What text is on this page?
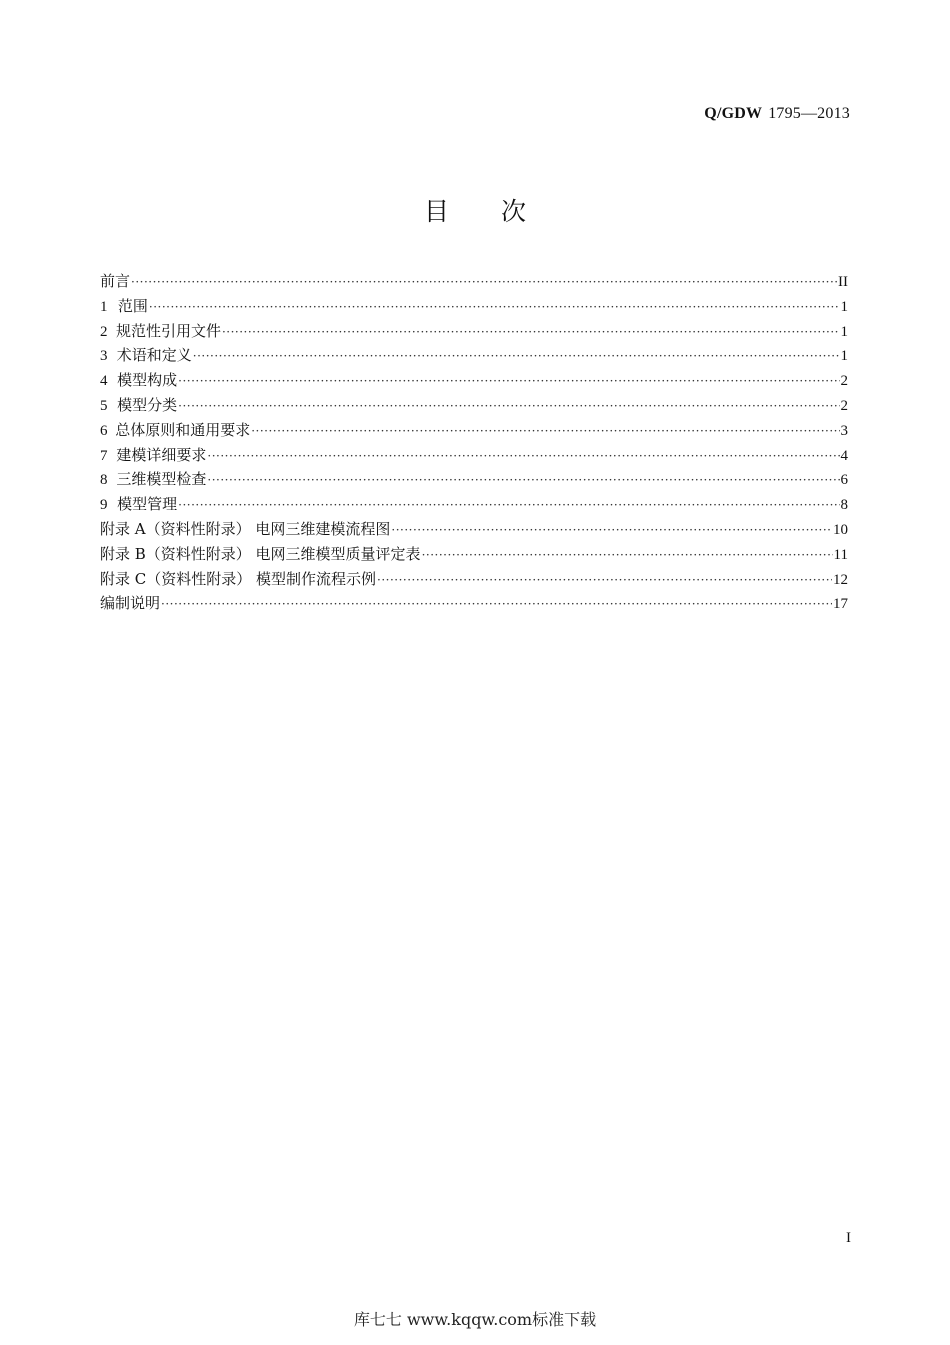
Q/GDW 1795—2013
目次
前言 ·····	II
1 范围 ·····	1
2 规范性引用文件 ·····	1
3 术语和定义 ·····	1
4 模型构成 ·····	2
5 模型分类 ·····	2
6 总体原则和通用要求 ·····	3
7 建模详细要求 ·····	4
8 三维模型检查 ·····	6
9 模型管理 ·····	8
附录 A（资料性附录） 电网三维建模流程图 ·····	10
附录 B（资料性附录） 电网三维模型质量评定表 ·····	11
附录 C（资料性附录） 模型制作流程示例 ·····	12
编制说明 ·····	17
I
库七七 www.kqqw.com标准下载
